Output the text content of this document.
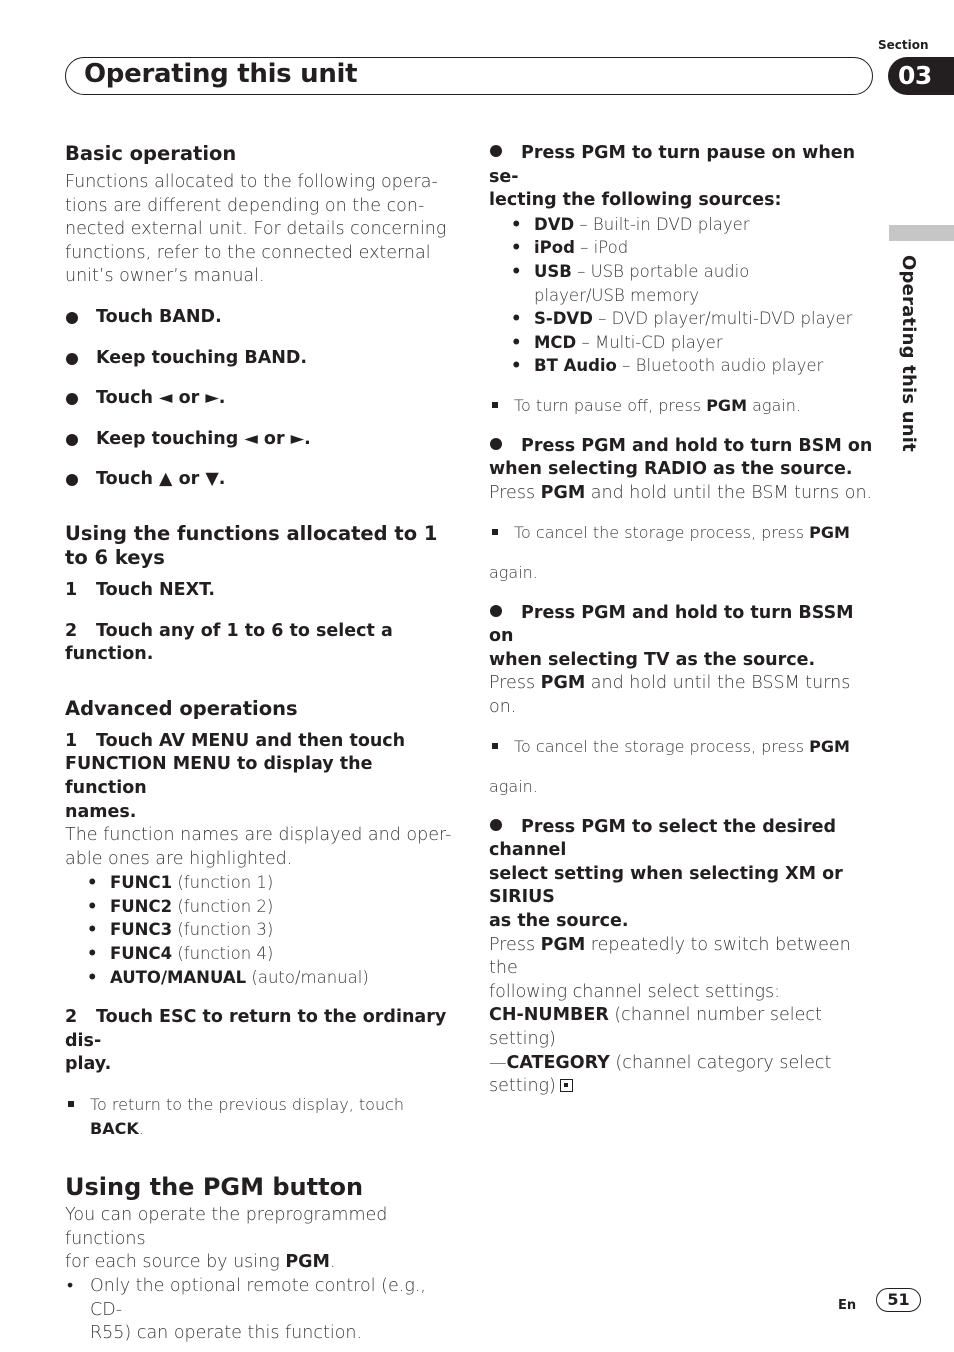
Section
Operating this unit	03
Operating this unit

Basic operation

Functions allocated to the following opera-

tions are different depending on the con-

nected external unit. For details concerning

functions, refer to the connected external

unit’s owner’s manual.

Touch BAND.

Keep touching BAND.

Touch ◄ or ►.

Keep touching ◄ or ►.

Touch ▲ or ▼.

Using the functions allocated to 1 to 6 keys

1 Touch NEXT.

2 Touch any of 1 to 6 to select a function.

Advanced operations

1 Touch AV MENU and then touch

FUNCTION MENU to display the function

names.

The function names are displayed and oper-

able ones are highlighted.

• FUNC1 (function 1)
• FUNC2 (function 2)
• FUNC3 (function 3)
• FUNC4 (function 4)
• AUTO/MANUAL (auto/manual)

2 Touch ESC to return to the ordinary dis-

play.

To return to the previous display, touch BACK.

Using the PGM button

You can operate the preprogrammed functions

for each source by using PGM.

• Only the optional remote control (e.g., CD-
R55) can operate this function.

Press PGM to turn pause on when se-

lecting the following sources:

• DVD – Built-in DVD player
• iPod – iPod
• USB – USB portable audio player/USB memory
• S-DVD – DVD player/multi-DVD player
• MCD – Multi-CD player
• BT Audio – Bluetooth audio player

To turn pause off, press PGM again.

Press PGM and hold to turn BSM on

when selecting RADIO as the source.

Press PGM and hold until the BSM turns on.

To cancel the storage process, press PGM

again.

Press PGM and hold to turn BSSM on

when selecting TV as the source.

Press PGM and hold until the BSSM turns on.

To cancel the storage process, press PGM

again.

Press PGM to select the desired channel

select setting when selecting XM or SIRIUS

as the source.

Press PGM repeatedly to switch between the

following channel select settings:

CH-NUMBER (channel number select setting)

—CATEGORY (channel category select

setting)

En	51
